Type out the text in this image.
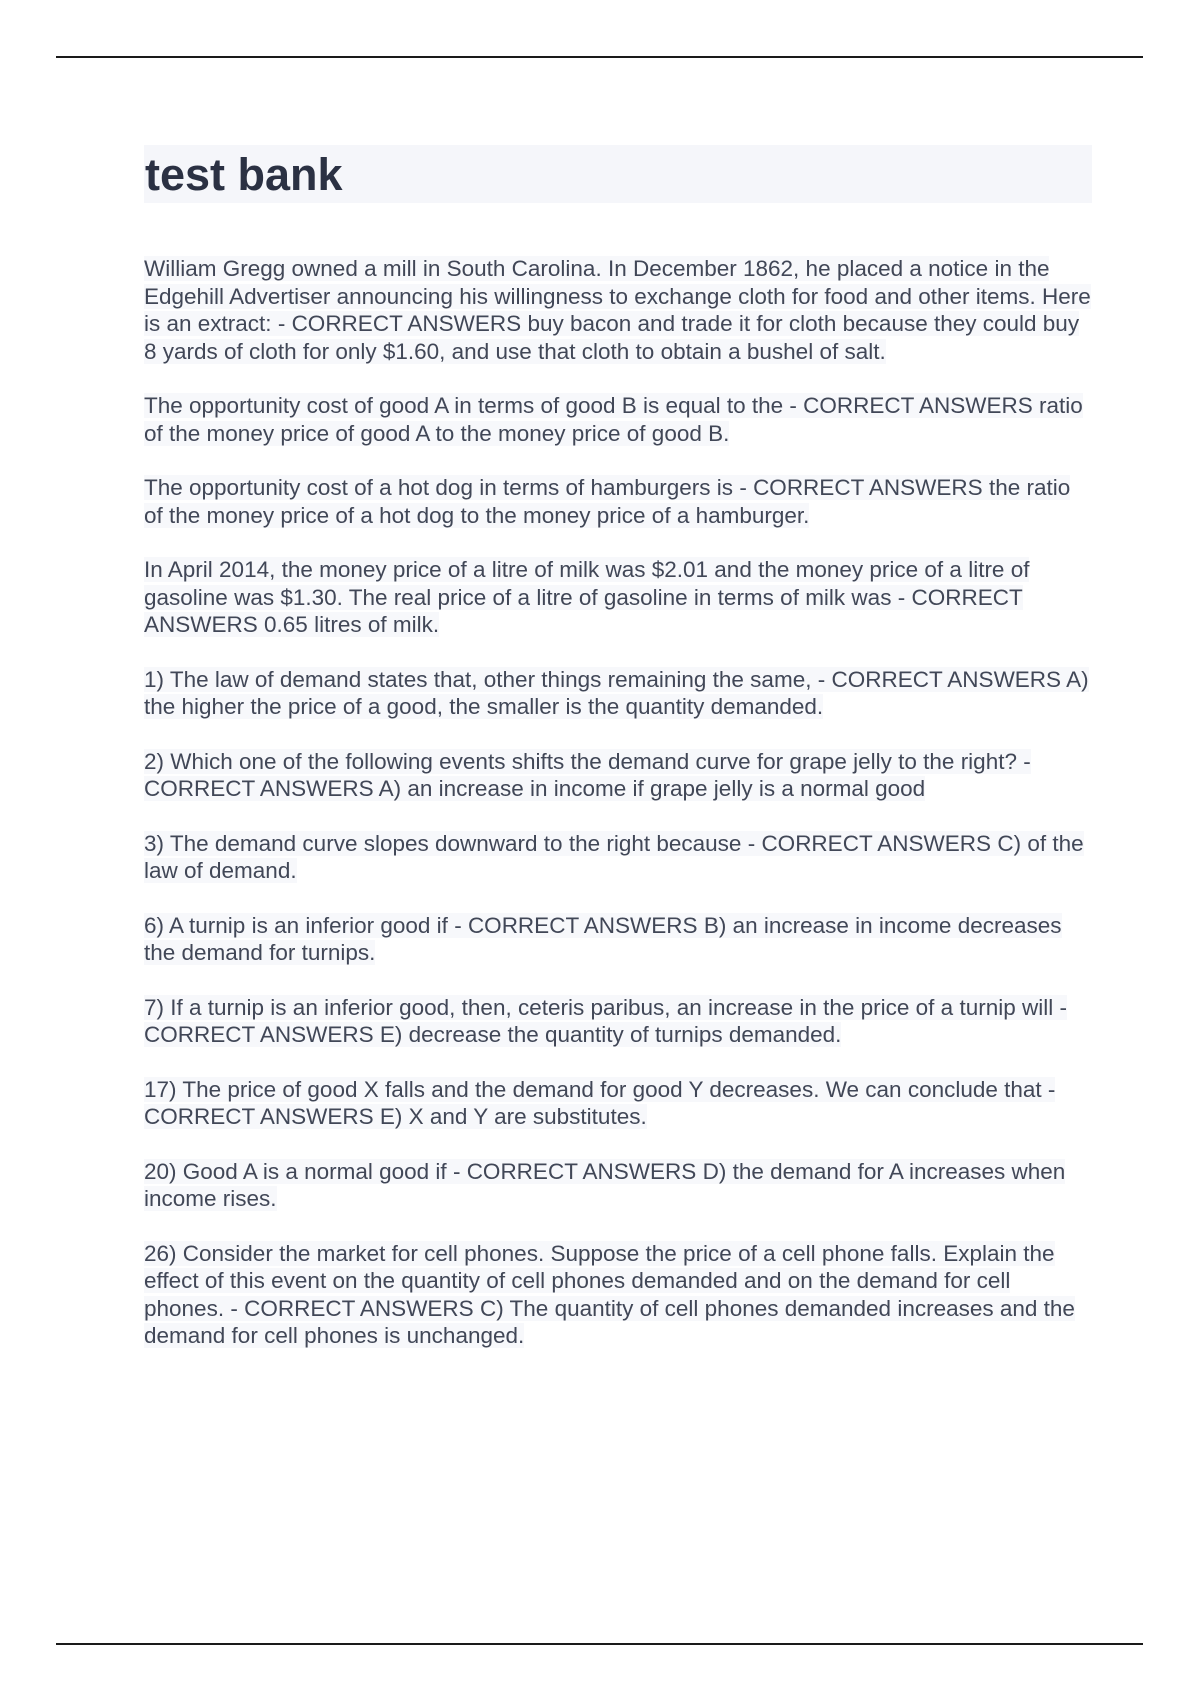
test bank

William Gregg owned a mill in South Carolina. In December 1862, he placed a notice in the Edgehill Advertiser announcing his willingness to exchange cloth for food and other items. Here is an extract: - CORRECT ANSWERS buy bacon and trade it for cloth because they could buy 8 yards of cloth for only $1.60, and use that cloth to obtain a bushel of salt.

The opportunity cost of good A in terms of good B is equal to the - CORRECT ANSWERS ratio of the money price of good A to the money price of good B.

The opportunity cost of a hot dog in terms of hamburgers is - CORRECT ANSWERS the ratio of the money price of a hot dog to the money price of a hamburger.

In April 2014, the money price of a litre of milk was $2.01 and the money price of a litre of gasoline was $1.30. The real price of a litre of gasoline in terms of milk was - CORRECT ANSWERS 0.65 litres of milk.

1) The law of demand states that, other things remaining the same, - CORRECT ANSWERS A) the higher the price of a good, the smaller is the quantity demanded.

2) Which one of the following events shifts the demand curve for grape jelly to the right?- CORRECT ANSWERS A) an increase in income if grape jelly is a normal good

3) The demand curve slopes downward to the right because - CORRECT ANSWERS C) of the law of demand.

6) A turnip is an inferior good if - CORRECT ANSWERS B) an increase in income decreases the demand for turnips.

7) If a turnip is an inferior good, then, ceteris paribus, an increase in the price of a turnip will- CORRECT ANSWERS E) decrease the quantity of turnips demanded.

17) The price of good X falls and the demand for good Y decreases. We can conclude that- CORRECT ANSWERS E) X and Y are substitutes.

20) Good A is a normal good if - CORRECT ANSWERS D) the demand for A increases when income rises.

26) Consider the market for cell phones. Suppose the price of a cell phone falls. Explain the effect of this event on the quantity of cell phones demanded and on the demand for cell phones. - CORRECT ANSWERS C) The quantity of cell phones demanded increases and the demand for cell phones is unchanged.
